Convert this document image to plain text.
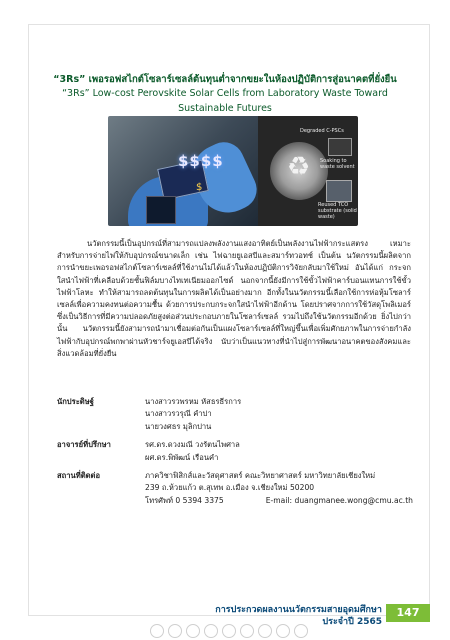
“3Rs” เพอรอฟสไกต์โซลาร์เซลล์ต้นทุนต่ำจากขยะในห้องปฏิบัติการสู่อนาคตที่ยั่งยืน
“3Rs” Low-cost Perovskite Solar Cells from Laboratory Waste Toward Sustainable Futures
$$$$
$
♻
Degraded C-PSCs
Soaking to waste solvent
Reused TCO substrate (solid waste)

นวัตกรรมนี้เป็นอุปกรณ์ที่สามารถแปลงพลังงานแสงอาทิตย์เป็นพลังงานไฟฟ้ากระแสตรง เหมาะสำหรับการจ่ายไฟให้กับอุปกรณ์ขนาดเล็ก เช่น ไฟฉายยูเอสบีและสมาร์ทวอทช์ เป็นต้น นวัตกรรมนี้ผลิตจากการนำขยะเพอรอฟสไกต์โซลาร์เซลล์ที่ใช้งานไม่ได้แล้วในห้องปฏิบัติการวิจัยกลับมาใช้ใหม่ อันได้แก่ กระจกใสนำไฟฟ้าที่เคลือบด้วยชั้นฟิล์มบางไทเทเนียมออกไซด์ นอกจากนี้ยังมีการใช้ขั้วไฟฟ้าคาร์บอนแทนการใช้ขั้วไฟฟ้าโลหะ ทำให้สามารถลดต้นทุนในการผลิตได้เป็นอย่างมาก อีกทั้งในนวัตกรรมนี้เลือกใช้การห่อหุ้มโซลาร์เซลล์เพื่อความคงทนต่อความชื้น ด้วยการประกบกระจกใสนำไฟฟ้าอีกด้าน โดยปราศจากการใช้วัสดุโพลิเมอร์ ซึ่งเป็นวิธีการที่มีความปลอดภัยสูงต่อส่วนประกอบภายในโซลาร์เซลล์ รวมไปถึงใช้นวัตกรรมอีกด้วย ยิ่งไปกว่านั้น นวัตกรรมนี้ยังสามารถนำมาเชื่อมต่อกันเป็นแผงโซลาร์เซลล์ที่ใหญ่ขึ้นเพื่อเพิ่มศักยภาพในการจ่ายกำลังไฟฟ้ากับอุปกรณ์พกพาผ่านหัวชาร์จยูเอสบีได้จริง นับว่าเป็นแนวทางที่นำไปสู่การพัฒนาอนาคตของสังคมและสิ่งแวดล้อมที่ยั่งยืน

นักประดิษฐ์	นางสาวรวพรหม หัสธรธีรการ
นางสาวรวรุณี คำปา
นายวงศธร มุลิกปาน
อาจารย์ที่ปรึกษา	รศ.ดร.ดวงมณี วงรัตนไพศาล
ผศ.ดร.พิพัฒน์ เรือนคำ
สถานที่ติดต่อ	ภาควิชาฟิสิกส์และวัสดุศาสตร์ คณะวิทยาศาสตร์ มหาวิทยาลัยเชียงใหม่
239 ถ.ห้วยแก้ว ต.สุเทพ อ.เมือง จ.เชียงใหม่ 50200
โทรศัพท์ 0 5394 3375	E-mail: duangmanee.wong@cmu.ac.th
การประกวดผลงานนวัตกรรมสายอุดมศึกษา
ประจำปี 2565
147
